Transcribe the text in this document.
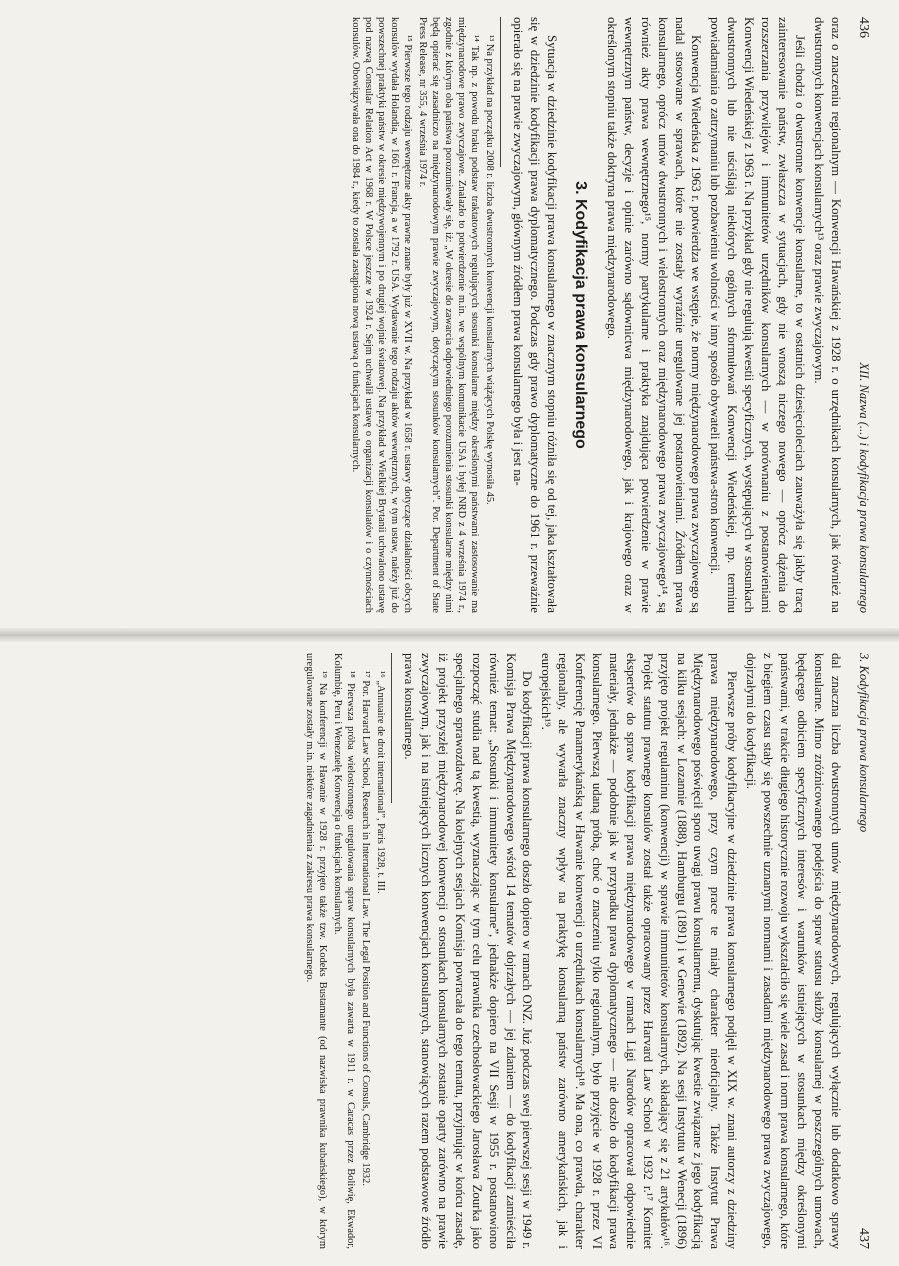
436
XII. Nazwa (...) i kodyfikacja prawa konsularnego

oraz o znaczeniu regionalnym — Konwencji Hawańskiej z 1928 r. o urzędnikach konsularnych, jak również na dwustronnych konwencjach konsularnych¹³ oraz prawie zwyczajowym.

Jeśli chodzi o dwustronne konwencje konsularne, to w ostatnich dziesięcioleciach zauważyła się jakby tracą zainteresowanie państw, zwłaszcza w sytuacjach, gdy nie wnoszą niczego nowego — oprócz dążenia do rozszerzania przywilejów i immunitetów urzędników konsularnych — w porównaniu z postanowieniami Konwencji Wiedeńskiej z 1963 r. Na przykład gdy nie regulują kwestii specyficznych, występujących w stosunkach dwustronnych lub nie uściślają niektórych ogólnych sformułowań Konwencji Wiedeńskiej, np. terminu powiadamiania o zatrzymaniu lub pozbawieniu wolności w inny sposób obywateli państwa-stron konwencji.

Konwencja Wiedeńska z 1963 r. potwierdza we wstępie, że normy międzynarodowego prawa zwyczajowego są nadal stosowane w sprawach, które nie zostały wyraźnie uregulowane jej postanowieniami. Źródłem prawa konsularnego, oprócz umów dwustronnych i wielostronnych oraz międzynarodowego prawa zwyczajowego¹⁴, są również akty prawa wewnętrznego¹⁵, normy partykularne i praktyka znajdująca potwierdzenie w prawie wewnętrznym państw, decyzje i opinie zarówno sądownictwa międzynarodowego, jak i krajowego oraz w określonym stopniu także doktryna prawa międzynarodowego.

3. Kodyfikacja prawa konsularnego

Sytuacja w dziedzinie kodyfikacji prawa konsularnego w znacznym stopniu różniła się od tej, jaka kształtowała się w dziedzinie kodyfikacji prawa dyplomatycznego. Podczas gdy prawo dyplomatyczne do 1961 r. przeważnie opierało się na prawie zwyczajowym, głównym źródłem prawa konsularnego była i jest na-

¹³ Na przykład na początku 2008 r. liczba dwustronnych konwencji konsularnych wiążących Polskę wynosiła 45.

¹⁴ Tak np. z powodu braku podstaw traktatowych regulujących stosunki konsularne między określonymi państwami zastosowanie ma międzynarodowe prawo zwyczajowe. Znalazło to potwierdzenie m.in. we wspólnym komunikacie USA i byłej NRD z 4 września 1974 r., zgodnie z którym oba państwa porozumiewały się, iż: „W okresie do zawarcia odpowiedniego porozumienia stosunki konsularne między nimi będą opierać się zasadniczo na międzynarodowym prawie zwyczajowym, dotyczącym stosunków konsularnych”. Por. Department of State Press Release, nr 355, 4 września 1974 r.

¹⁵ Pierwsze tego rodzaju wewnętrzne akty prawne znane były już w XVII w. Na przykład w 1658 r. ustawy dotyczące działalności obcych konsulów wydała Holandia, w 1661 r. Francja, a w 1792 r. USA. Wydawanie tego rodzaju aktów wewnętrznych, w tym ustaw, należy już do powszechnej praktyki państw w okresie międzywojennym i po drugiej wojnie światowej. Na przykład w Wielkiej Brytanii uchwalono ustawę pod nazwą Consular Relation Act w 1968 r. W Polsce jeszcze w 1924 r. Sejm uchwalił ustawę o organizacji konsulatów i o czynnościach konsulów. Obowiązywała ona do 1984 r., kiedy to została zastąpiona nową ustawą o funkcjach konsularnych.

3. Kodyfikacja prawa konsularnego
437

dal znaczna liczba dwustronnych umów międzynarodowych, regulujących wyłącznie lub dodatkowo sprawy konsularne. Mimo zróżnicowanego podejścia do spraw statusu służby konsularnej w poszczególnych umowach, będącego odbiciem specyficznych interesów i warunków istniejących w stosunkach między określonymi państwami, w trakcie długiego historycznie rozwoju wykształciło się wiele zasad i norm prawa konsularnego, które z biegiem czasu stały się powszechnie uznanymi normami i zasadami międzynarodowego prawa zwyczajowego, dojrzałymi do kodyfikacji.

Pierwsze próby kodyfikacyjne w dziedzinie prawa konsularnego podjęli w XIX w. znani autorzy z dziedziny prawa międzynarodowego, przy czym prace te miały charakter nieoficjalny. Także Instytut Prawa Międzynarodowego poświęcił sporo uwagi prawu konsularnemu, dyskutując kwestie związane z jego kodyfikacją na kilku sesjach: w Lozannie (1888), Hamburgu (1891) i w Genewie (1892). Na sesji Instytutu w Wenecji (1896) przyjęto projekt regulaminu (konwencji) w sprawie immunitetów konsularnych, składający się z 21 artykułów¹⁶. Projekt statutu prawnego konsulów został także opracowany przez Harvard Law School w 1932 r.¹⁷ Komitet ekspertów do spraw kodyfikacji prawa międzynarodowego w ramach Ligi Narodów opracował odpowiednie materiały, jednakże — podobnie jak w przypadku prawa dyplomatycznego — nie doszło do kodyfikacji prawa konsularnego. Pierwszą udaną próbą, choć o znaczeniu tylko regionalnym, było przyjęcie w 1928 r. przez VI Konferencję Panamerykańską w Hawanie konwencji o urzędnikach konsularnych¹⁸. Ma ona, co prawda, charakter regionalny, ale wywarła znaczny wpływ na praktykę konsularną państw zarówno amerykańskich, jak i europejskich¹⁹.

Do kodyfikacji prawa konsularnego doszło dopiero w ramach ONZ. Już podczas swej pierwszej sesji w 1949 r. Komisja Prawa Międzynarodowego wśród 14 tematów dojrzałych — jej zdaniem — do kodyfikacji zamieściła również temat: „Stosunki i immunitety konsularne”, jednakże dopiero na VII Sesji w 1955 r. postanowiono rozpocząć studia nad tą kwestią, wyznaczając w tym celu prawnika czechosłowackiego Jarosława Zourka jako specjalnego sprawozdawcę. Na kolejnych sesjach Komisja powracała do tego tematu, przyjmując w końcu zasadę, iż projekt przyszłej międzynarodowej konwencji o stosunkach konsularnych zostanie oparty zarówno na prawie zwyczajowym, jak i na istniejących licznych konwencjach konsularnych, stanowiących razem podstawowe źródło prawa konsularnego.

¹⁶ „Annuaire de droit international”, Paris 1928, t. III.

¹⁷ Por. Harvard Law School, Research in International Law. The Legal Position and Functions of Consuls, Cambridge 1932.

¹⁸ Pierwsza próba wielostronnego uregulowania spraw konsularnych była zawarta w 1911 r. w Caracas przez Boliwię, Ekwador, Kolumbię, Peru i Wenezuelę Konwencja o funkcjach konsularnych.

¹⁹ Na konferencji w Hawanie w 1928 r. przyjęto także tzw. Kodeks Bustamante (od nazwiska prawnika kubańskiego), w którym uregulowane zostały m.in. niektóre zagadnienia z zakresu prawa konsularnego.
